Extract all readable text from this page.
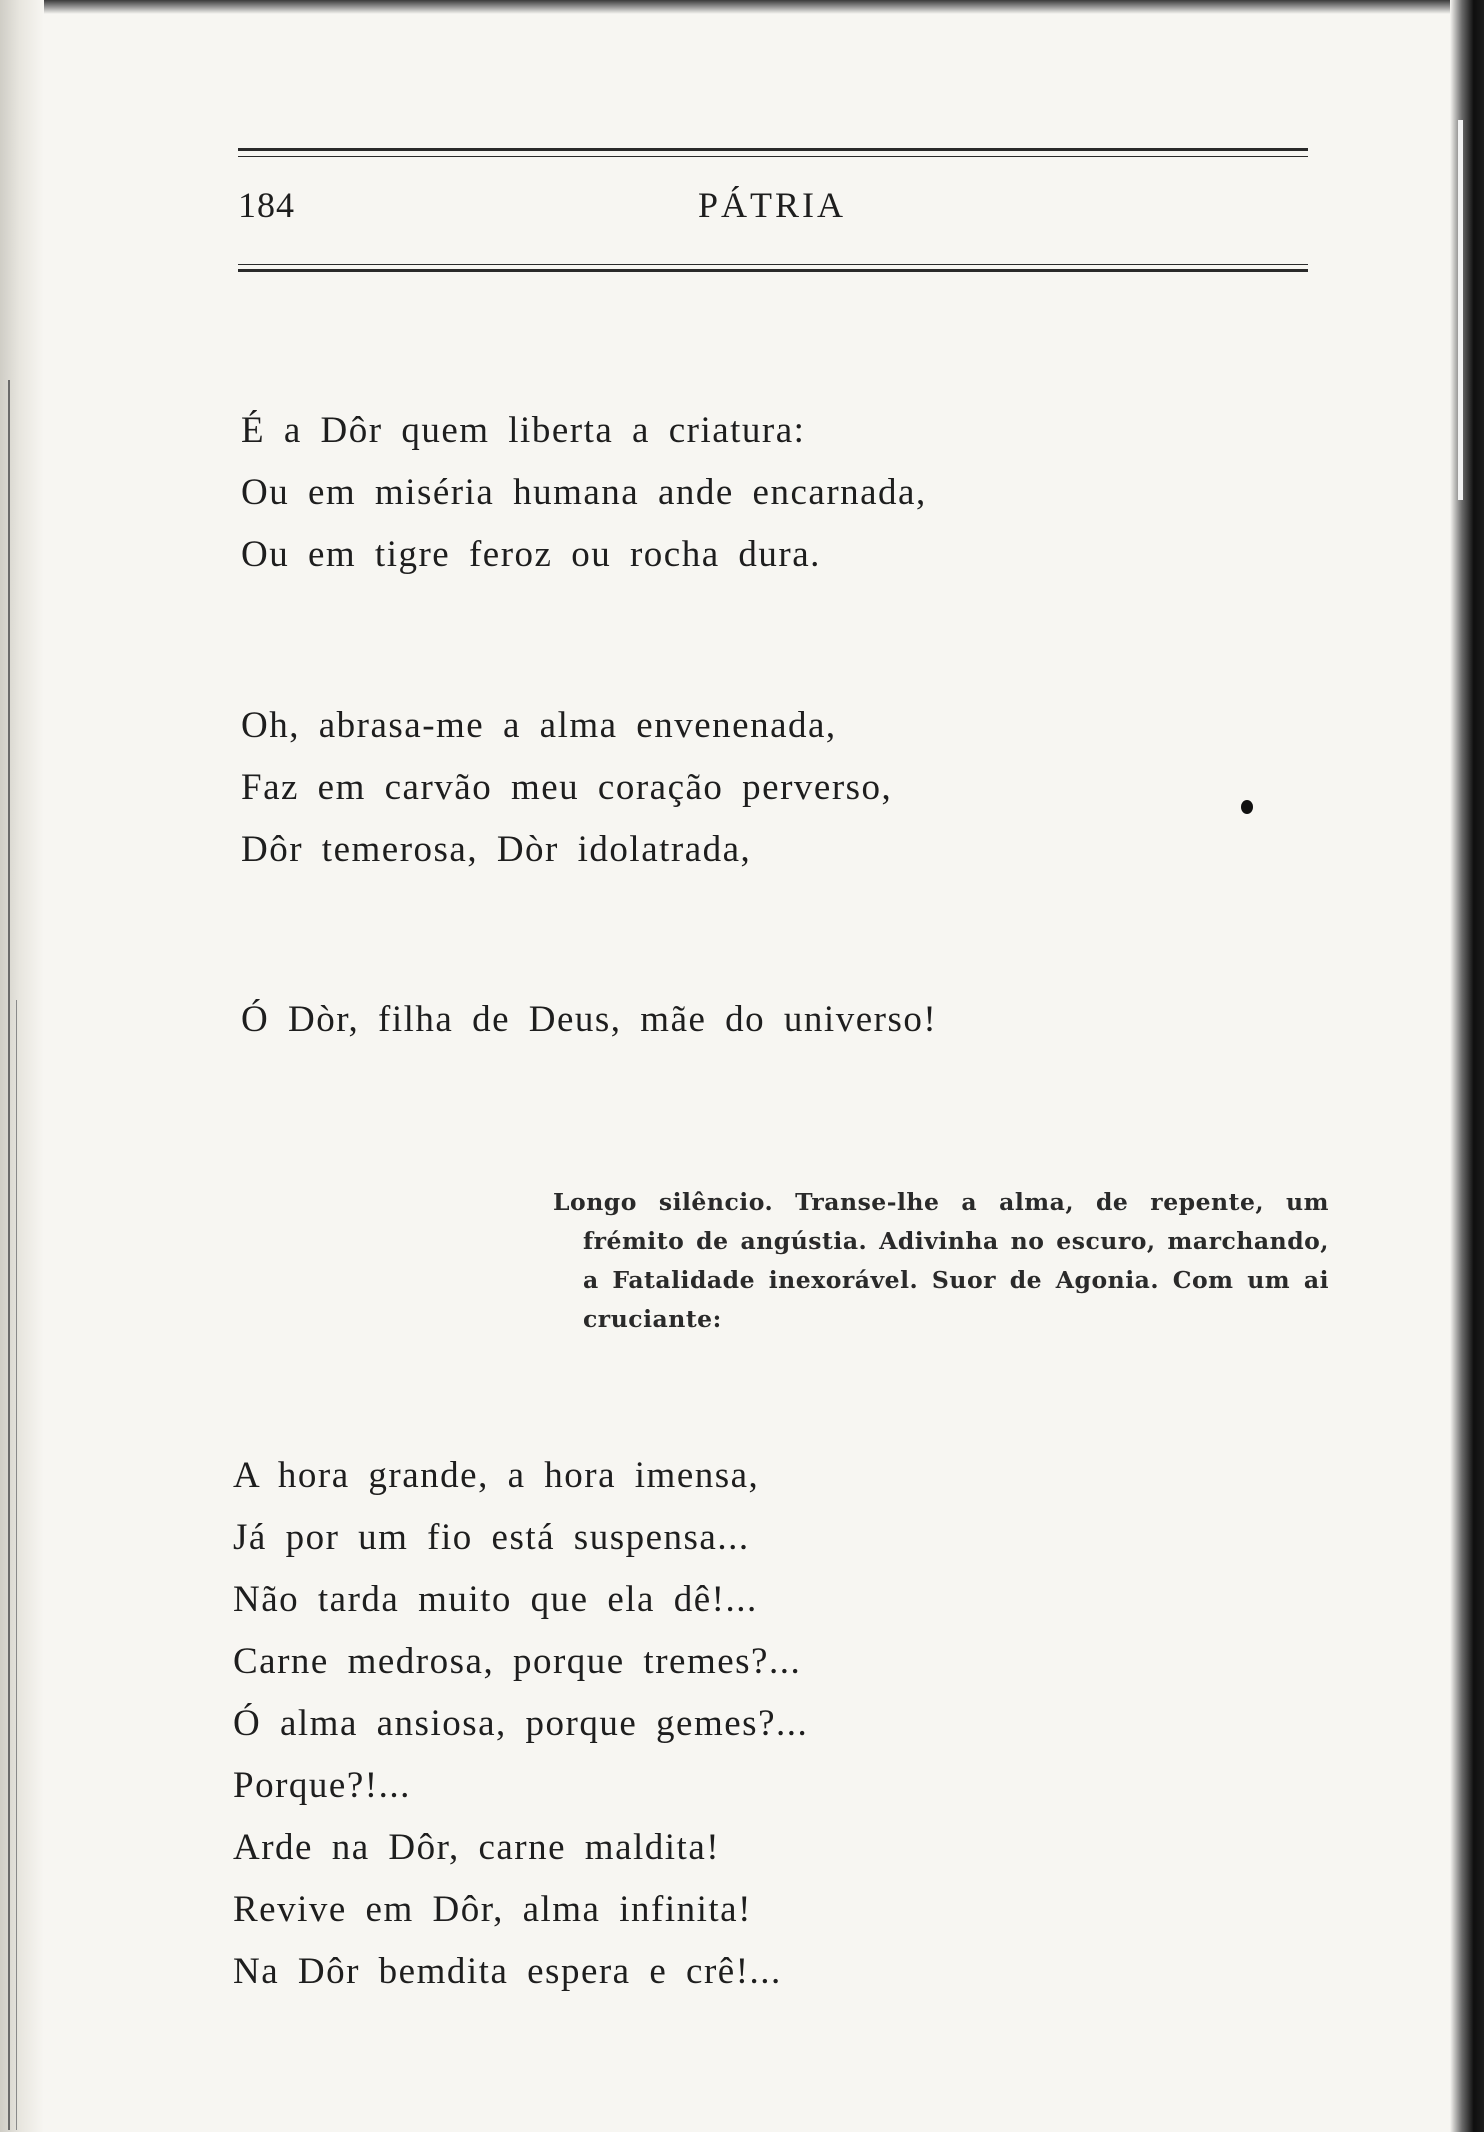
184	PÁTRIA
É a Dôr quem liberta a criatura:
Ou em miséria humana ande encarnada,
Ou em tigre feroz ou rocha dura.
Oh, abrasa-me a alma envenenada,
Faz em carvão meu coração perverso,
Dôr temerosa, Dòr idolatrada,
Ó Dòr, filha de Deus, mãe do universo!
Longo silêncio. Transe-lhe a alma, de repente, um frémito de angústia. Adivinha no escuro, marchando, a Fatalidade inexorável. Suor de Agonia. Com um ai cruciante:
A hora grande, a hora imensa,
Já por um fio está suspensa...
Não tarda muito que ela dê!...
Carne medrosa, porque tremes?...
Ó alma ansiosa, porque gemes?...
Porque?!...
Arde na Dôr, carne maldita!
Revive em Dôr, alma infinita!
Na Dôr bemdita espera e crê!...
